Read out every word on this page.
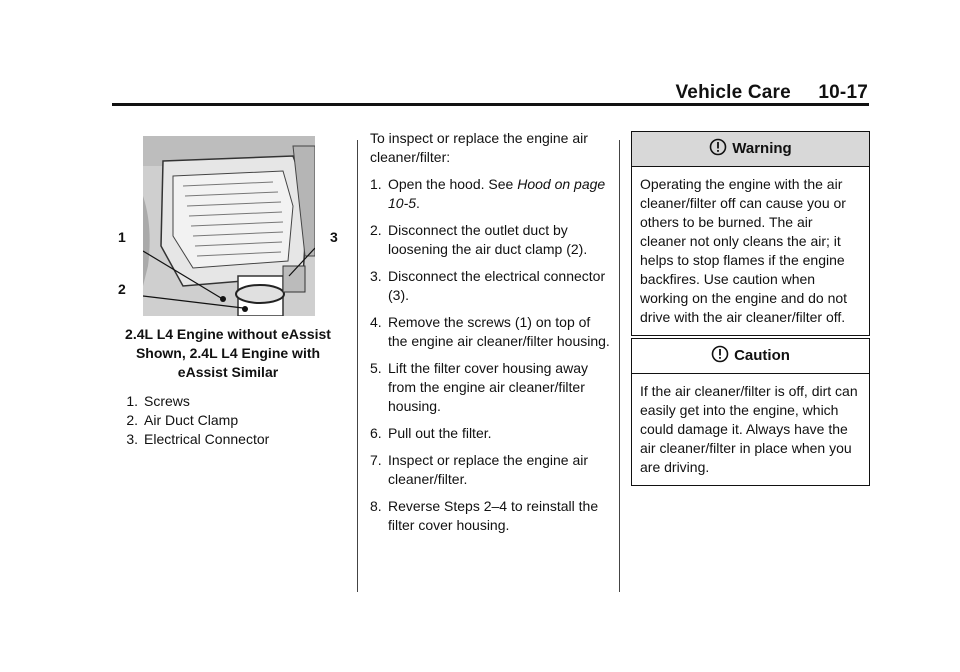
Vehicle Care 10-17
1
2
3
2.4L L4 Engine without eAssist Shown, 2.4L L4 Engine with eAssist Similar
1. Screws
2. Air Duct Clamp
3. Electrical Connector

To inspect or replace the engine air cleaner/filter:

1. Open the hood. See Hood on page 10-5.
2. Disconnect the outlet duct by loosening the air duct clamp (2).
3. Disconnect the electrical connector (3).
4. Remove the screws (1) on top of the engine air cleaner/filter housing.
5. Lift the filter cover housing away from the engine air cleaner/filter housing.
6. Pull out the filter.
7. Inspect or replace the engine air cleaner/filter.
8. Reverse Steps 2–4 to reinstall the filter cover housing.
Warning
Operating the engine with the air cleaner/filter off can cause you or others to be burned. The air cleaner not only cleans the air; it helps to stop flames if the engine backfires. Use caution when working on the engine and do not drive with the air cleaner/filter off.
Caution
If the air cleaner/filter is off, dirt can easily get into the engine, which could damage it. Always have the air cleaner/filter in place when you are driving.
